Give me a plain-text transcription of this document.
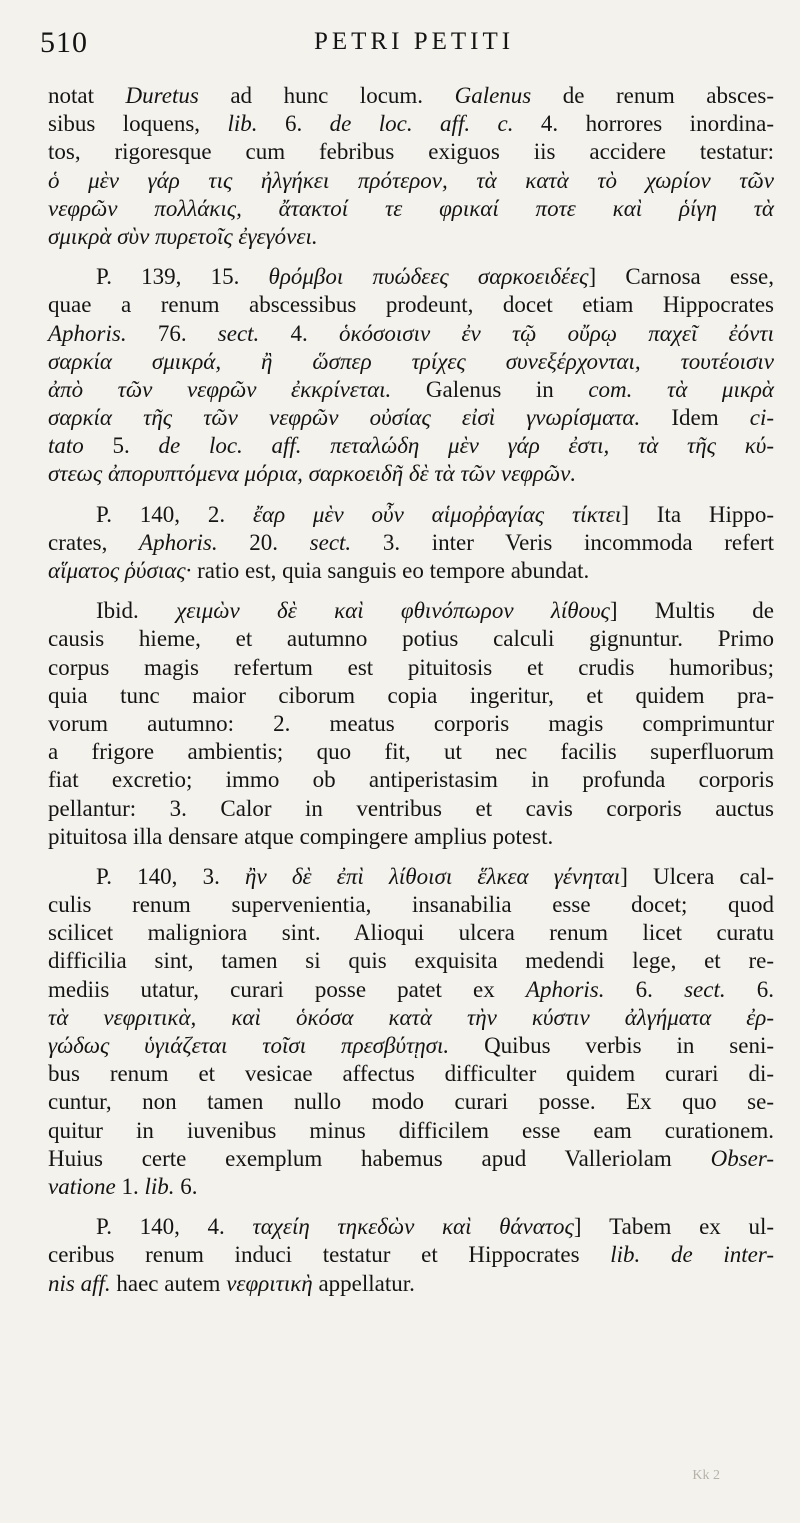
510	PETRI PETITI
notat Duretus ad hunc locum. Galenus de renum absces-
sibus loquens, lib. 6. de loc. aff. c. 4. horrores inordina-
tos, rigoresque cum febribus exiguos iis accidere testatur:
ὁ μὲν γάρ τις ἠλγήκει πρότερον, τὰ κατὰ τὸ χωρίον τῶν
νεφρῶν πολλάκις, ἄτακτοί τε φρικαί ποτε καὶ ῥίγη τὰ
σμικρὰ σὺν πυρετοῖς ἐγεγόνει.
P. 139, 15. θρόμβοι πυώδεες σαρκοειδέες] Carnosa esse,
quae a renum abscessibus prodeunt, docet etiam Hippocrates
Aphoris. 76. sect. 4. ὁκόσοισιν ἐν τῷ οὔρῳ παχεῖ ἐόντι
σαρκία σμικρά, ἢ ὥσπερ τρίχες συνεξέρχονται, τουτέοισιν
ἀπὸ τῶν νεφρῶν ἐκκρίνεται. Galenus in com. τὰ μικρὰ
σαρκία τῆς τῶν νεφρῶν οὐσίας εἰσὶ γνωρίσματα. Idem ci-
tato 5. de loc. aff. πεταλώδη μὲν γάρ ἐστι, τὰ τῆς κύ-
στεως ἀπορυπτόμενα μόρια, σαρκοειδῆ δὲ τὰ τῶν νεφρῶν.
P. 140, 2. ἔαρ μὲν οὖν αἱμοῤῥαγίας τίκτει] Ita Hippo-
crates, Aphoris. 20. sect. 3. inter Veris incommoda refert
αἵματος ῥύσιας· ratio est, quia sanguis eo tempore abundat.
Ibid. χειμὼν δὲ καὶ φθινόπωρον λίθους] Multis de
causis hieme, et autumno potius calculi gignuntur. Primo
corpus magis refertum est pituitosis et crudis humoribus;
quia tunc maior ciborum copia ingeritur, et quidem pra-
vorum autumno: 2. meatus corporis magis comprimuntur
a frigore ambientis; quo fit, ut nec facilis superfluorum
fiat excretio; immo ob antiperistasim in profunda corporis
pellantur: 3. Calor in ventribus et cavis corporis auctus
pituitosa illa densare atque compingere amplius potest.
P. 140, 3. ἢν δὲ ἐπὶ λίθοισι ἕλκεα γένηται] Ulcera cal-
culis renum supervenientia, insanabilia esse docet; quod
scilicet maligniora sint. Alioqui ulcera renum licet curatu
difficilia sint, tamen si quis exquisita medendi lege, et re-
mediis utatur, curari posse patet ex Aphoris. 6. sect. 6.
τὰ νεφριτικὰ, καὶ ὁκόσα κατὰ τὴν κύστιν ἀλγήματα ἐρ-
γώδως ὑγιάζεται τοῖσι πρεσβύτῃσι. Quibus verbis in seni-
bus renum et vesicae affectus difficulter quidem curari di-
cuntur, non tamen nullo modo curari posse. Ex quo se-
quitur in iuvenibus minus difficilem esse eam curationem.
Huius certe exemplum habemus apud Valleriolam Obser-
vatione 1. lib. 6.
P. 140, 4. ταχείη τηκεδὼν καὶ θάνατος] Tabem ex ul-
ceribus renum induci testatur et Hippocrates lib. de inter-
nis aff. haec autem νεφριτικὴ appellatur.
Kk 2
